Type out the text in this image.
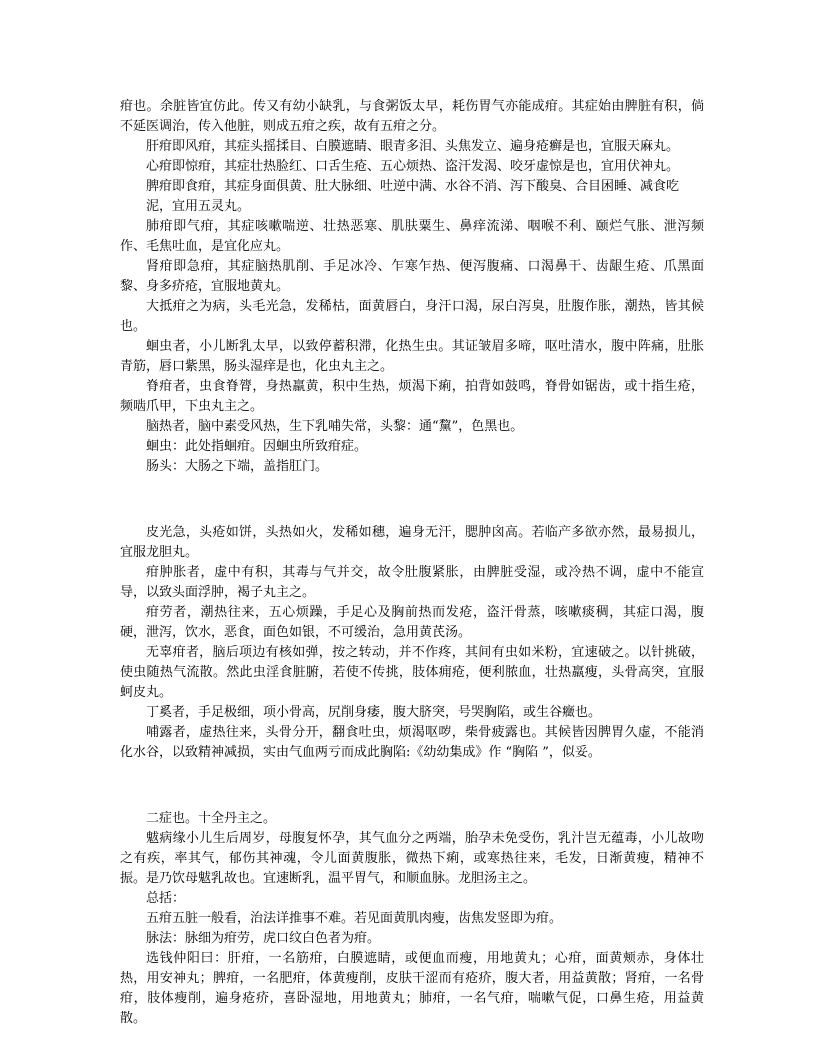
疳也。余脏皆宜仿此。传又有幼小缺乳，与食粥饭太早，耗伤胃气亦能成疳。其症始由脾脏有积，倘不延医调治，传入他脏，则成五疳之疾，故有五疳之分。

肝疳即风疳，其症头摇揉目、白膜遮睛、眼青多泪、头焦发立、遍身疮癣是也，宜服天麻丸。

心疳即惊疳，其症壮热脸红、口舌生疮、五心烦热、盗汗发渴、咬牙虚惊是也，宜用伏神丸。

脾疳即食疳，其症身面俱黄、肚大脉细、吐逆中满、水谷不消、泻下酸臭、合目困睡、减食吃

泥，宜用五灵丸。

肺疳即气疳，其症咳嗽喘逆、壮热恶寒、肌肤粟生、鼻痒流涕、咽喉不利、颐烂气胀、泄泻频作、毛焦吐血，是宜化应丸。

肾疳即急疳，其症脑热肌削、手足冰冷、乍寒乍热、便泻腹痛、口渴鼻干、齿龈生疮、爪黑面黎、身多疥疮，宜服地黄丸。

大抵疳之为病，头毛光急，发稀枯，面黄唇白，身汗口渴，尿白泻臭，肚腹作胀，潮热，皆其候也。

蛔虫者，小儿断乳太早，以致停蓄积滞，化热生虫。其证皱眉多啼，呕吐清水，腹中阵痛，肚胀青筋，唇口紫黑，肠头湿痒是也，化虫丸主之。

脊疳者，虫食脊膂，身热羸黄，积中生热，烦渴下痢，拍背如鼓鸣，脊骨如锯齿，或十指生疮，频啮爪甲，下虫丸主之。

脑热者，脑中素受风热，生下乳哺失常，头黎：通“黧”，色黑也。

蛔虫：此处指蛔疳。因蛔虫所致疳症。

肠头：大肠之下端，盖指肛门。

皮光急，头疮如饼，头热如火，发稀如穗，遍身无汗，腮肿囟高。若临产多欲亦然，最易损儿，宜服龙胆丸。

疳肿胀者，虚中有积，其毒与气并交，故令肚腹紧胀，由脾脏受湿，或冷热不调，虚中不能宣导，以致头面浮肿，褐子丸主之。

疳劳者，潮热往来，五心烦躁，手足心及胸前热而发疮，盗汗骨蒸，咳嗽痰稠，其症口渴，腹硬，泄泻，饮水，恶食，面色如银，不可缓治，急用黄芪汤。

无辜疳者，脑后项边有核如弹，按之转动，并不作疼，其间有虫如米粉，宜速破之。以针挑破，使虫随热气流散。然此虫淫食脏腑，若使不传挑，肢体痈疮，便利脓血，壮热羸瘦，头骨高突，宜服蚵皮丸。

丁奚者，手足极细，项小骨高，尻削身痿，腹大脐突，号哭胸陷，或生谷癥也。

哺露者，虚热往来，头骨分开，翻食吐虫，烦渴呕哕，柴骨疲露也。其候皆因脾胃久虚，不能消化水谷，以致精神减损，实由气血两亏而成此胸陷:《幼幼集成》作 “胸陷 ”，似妥。

二症也。十全丹主之。

魃病缘小儿生后周岁，母腹复怀孕，其气血分之两端，胎孕未免受伤，乳汁岂无蕴毒，小儿故吻之有疾，率其气，郁伤其神魂，令儿面黄腹胀，微热下痢，或寒热往来，毛发，日渐黄瘦，精神不振。是乃饮母魃乳故也。宜速断乳，温平胃气，和顺血脉。龙胆汤主之。

总括：

五疳五脏一般看，治法详推事不难。若见面黄肌肉瘦，齿焦发竖即为疳。

脉法：脉细为疳劳，虎口纹白色者为疳。

选钱仲阳曰：肝疳，一名筋疳，白膜遮睛，或便血而瘦，用地黄丸；心疳，面黄颊赤，身体壮热，用安神丸；脾疳，一名肥疳，体黄瘦削，皮肤干涩而有疮疥，腹大者，用益黄散；肾疳，一名骨疳，肢体瘦削，遍身疮疥，喜卧湿地，用地黄丸；肺疳，一名气疳，喘嗽气促，口鼻生疮，用益黄散。
